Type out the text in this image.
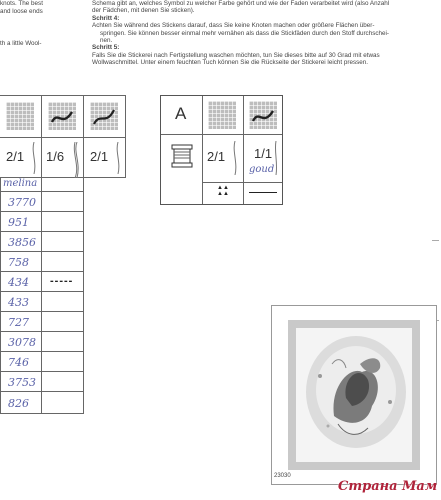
knots. The best
and loose ends
th a little Wool-
Schema gibt an, welches Symbol zu welcher Farbe gehört und wie der Faden verarbeitet wird (also Anzahl
der Fädchen, mit denen Sie sticken).
Schritt 4:
Achten Sie während des Stickens darauf, dass Sie keine Knoten machen oder größere Flächen über-
springen. Sie können besser einmal mehr vernähen als dass die Stickfäden durch den Stoff durchschei-
nen.
Schritt 5:
Falls Sie die Stickerei nach Fertigstellung waschen möchten, tun Sie dieses bitte auf 30 Grad mit etwas
Wollwaschmittel. Unter einem feuchten Tuch können Sie die Rückseite der Stickerei leicht pressen.
2/1 1/6 2/1
melina
3770
951
3856
758
434 -----
433
727
3078
746
3753
826
A
2/1 1/1
goud
▲▲
▲▲
23030
Страна Мам
